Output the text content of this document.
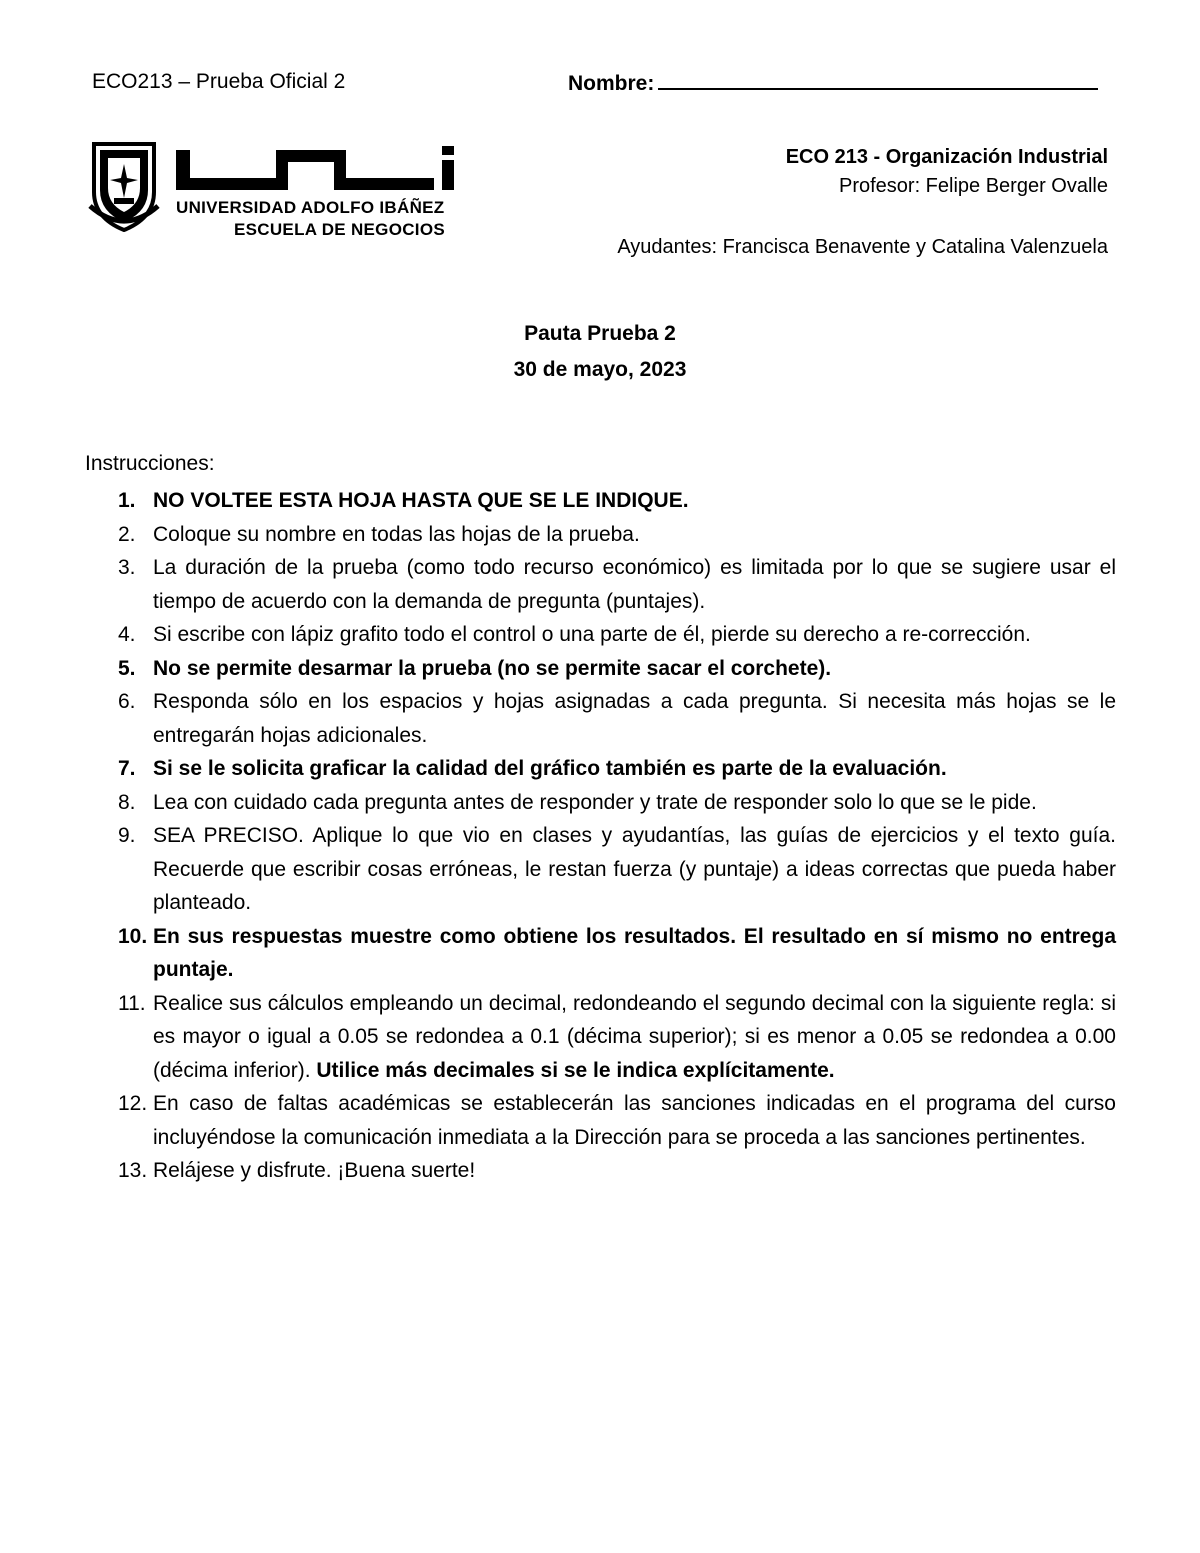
ECO213 – Prueba Oficial 2	Nombre:
UNIVERSIDAD ADOLFO IBÁÑEZ
ESCUELA DE NEGOCIOS
ECO 213 - Organización Industrial
Profesor: Felipe Berger Ovalle
Ayudantes: Francisca Benavente y Catalina Valenzuela
Pauta Prueba 2
30 de mayo, 2023
Instrucciones:
1. NO VOLTEE ESTA HOJA HASTA QUE SE LE INDIQUE.
2. Coloque su nombre en todas las hojas de la prueba.
3. La duración de la prueba (como todo recurso económico) es limitada por lo que se sugiere usar el tiempo de acuerdo con la demanda de pregunta (puntajes).
4. Si escribe con lápiz grafito todo el control o una parte de él, pierde su derecho a re-corrección.
5. No se permite desarmar la prueba (no se permite sacar el corchete).
6. Responda sólo en los espacios y hojas asignadas a cada pregunta. Si necesita más hojas se le entregarán hojas adicionales.
7. Si se le solicita graficar la calidad del gráfico también es parte de la evaluación.
8. Lea con cuidado cada pregunta antes de responder y trate de responder solo lo que se le pide.
9. SEA PRECISO. Aplique lo que vio en clases y ayudantías, las guías de ejercicios y el texto guía. Recuerde que escribir cosas erróneas, le restan fuerza (y puntaje) a ideas correctas que pueda haber planteado.
10. En sus respuestas muestre como obtiene los resultados. El resultado en sí mismo no entrega puntaje.
11. Realice sus cálculos empleando un decimal, redondeando el segundo decimal con la siguiente regla: si es mayor o igual a 0.05 se redondea a 0.1 (décima superior); si es menor a 0.05 se redondea a 0.00 (décima inferior). Utilice más decimales si se le indica explícitamente.
12. En caso de faltas académicas se establecerán las sanciones indicadas en el programa del curso incluyéndose la comunicación inmediata a la Dirección para se proceda a las sanciones pertinentes.
13. Relájese y disfrute. ¡Buena suerte!
